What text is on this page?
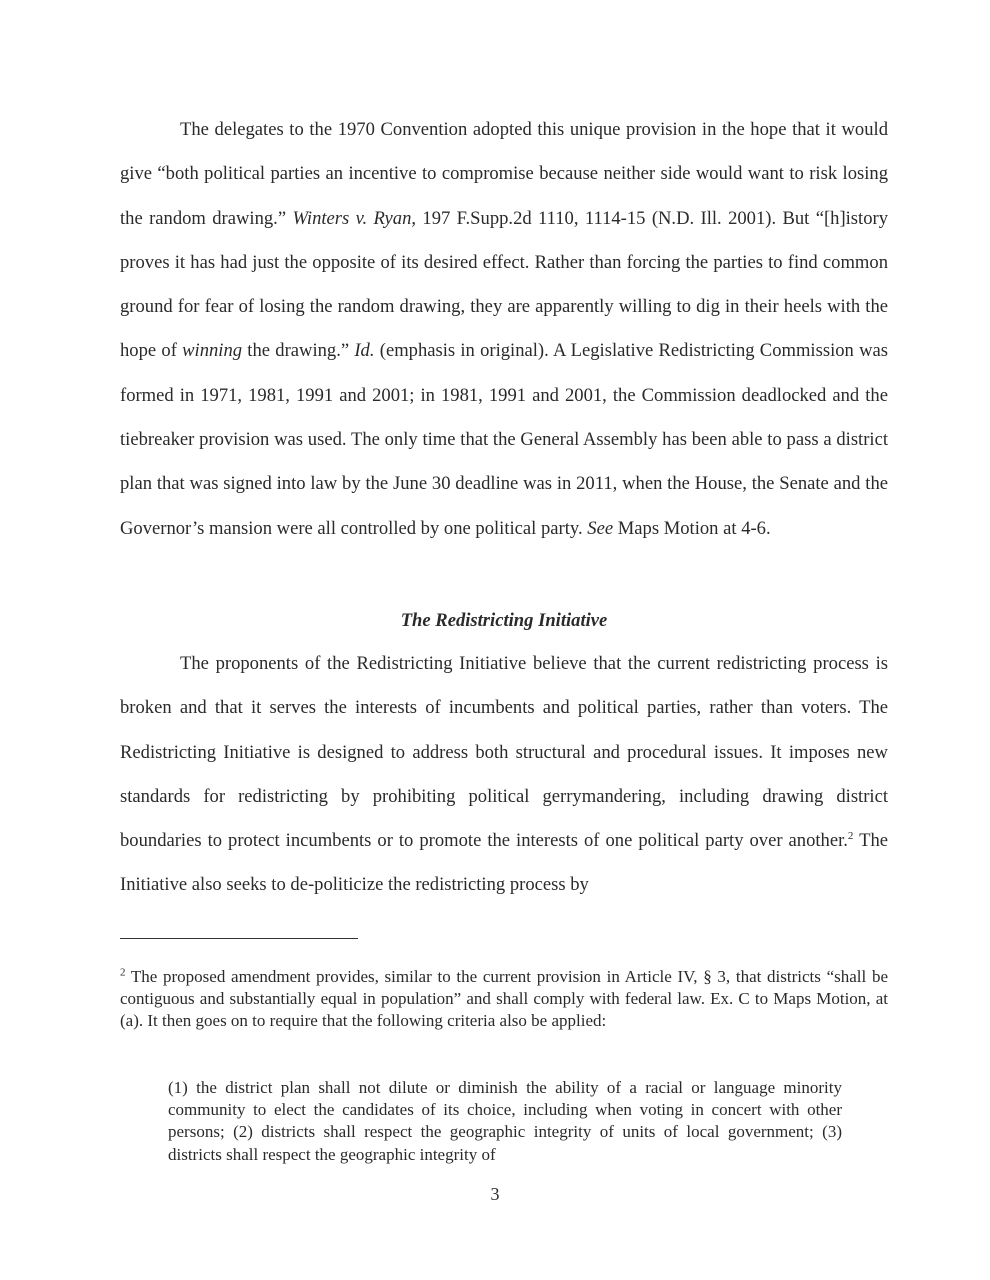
The delegates to the 1970 Convention adopted this unique provision in the hope that it would give “both political parties an incentive to compromise because neither side would want to risk losing the random drawing.” Winters v. Ryan, 197 F.Supp.2d 1110, 1114-15 (N.D. Ill. 2001). But “[h]istory proves it has had just the opposite of its desired effect. Rather than forcing the parties to find common ground for fear of losing the random drawing, they are apparently willing to dig in their heels with the hope of winning the drawing.” Id. (emphasis in original). A Legislative Redistricting Commission was formed in 1971, 1981, 1991 and 2001; in 1981, 1991 and 2001, the Commission deadlocked and the tiebreaker provision was used. The only time that the General Assembly has been able to pass a district plan that was signed into law by the June 30 deadline was in 2011, when the House, the Senate and the Governor’s mansion were all controlled by one political party. See Maps Motion at 4-6.

The Redistricting Initiative

The proponents of the Redistricting Initiative believe that the current redistricting process is broken and that it serves the interests of incumbents and political parties, rather than voters. The Redistricting Initiative is designed to address both structural and procedural issues. It imposes new standards for redistricting by prohibiting political gerrymandering, including drawing district boundaries to protect incumbents or to promote the interests of one political party over another.$^2$ The Initiative also seeks to de-politicize the redistricting process by

$^2$ The proposed amendment provides, similar to the current provision in Article IV, § 3, that districts “shall be contiguous and substantially equal in population” and shall comply with federal law. Ex. C to Maps Motion, at (a). It then goes on to require that the following criteria also be applied:

(1) the district plan shall not dilute or diminish the ability of a racial or language minority community to elect the candidates of its choice, including when voting in concert with other persons; (2) districts shall respect the geographic integrity of units of local government; (3) districts shall respect the geographic integrity of

3
